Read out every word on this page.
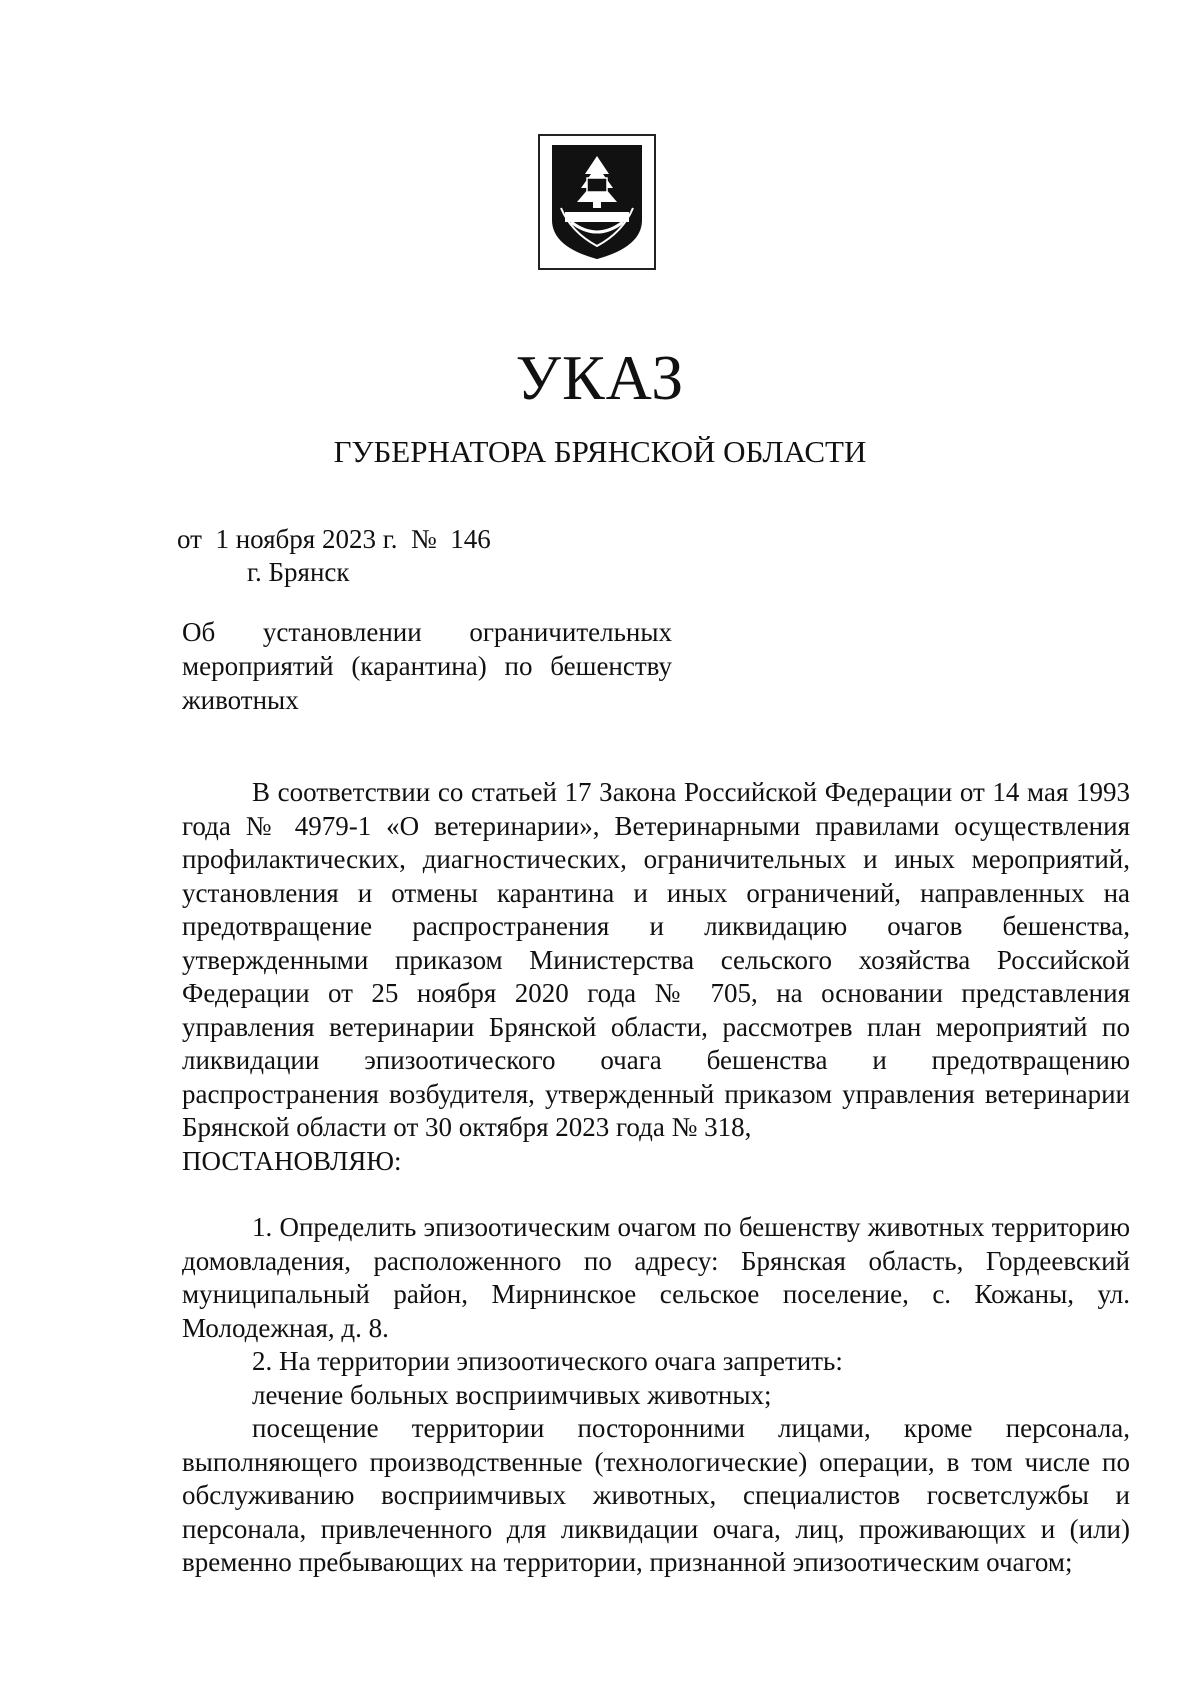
УКАЗ
ГУБЕРНАТОРА БРЯНСКОЙ ОБЛАСТИ
от  1 ноября 2023 г.  №  146
г. Брянск
Об установлении ограничительных мероприятий (карантина) по бешенству животных

В соответствии со статьей 17 Закона Российской Федерации от 14 мая 1993 года № 4979-1 «О ветеринарии», Ветеринарными правилами осуществления профилактических, диагностических, ограничительных и иных мероприятий, установления и отмены карантина и иных ограничений, направленных на предотвращение распространения и ликвидацию очагов бешенства, утвержденными приказом Министерства сельского хозяйства Российской Федерации от 25 ноября 2020 года № 705, на основании представления управления ветеринарии Брянской области, рассмотрев план мероприятий по ликвидации эпизоотического очага бешенства и предотвращению распространения возбудителя, утвержденный приказом управления ветеринарии Брянской области от 30 октября 2023 года № 318,

ПОСТАНОВЛЯЮ:

1. Определить эпизоотическим очагом по бешенству животных территорию домовладения, расположенного по адресу: Брянская область, Гордеевский муниципальный район, Мирнинское сельское поселение, с. Кожаны, ул. Молодежная, д. 8.

2. На территории эпизоотического очага запретить:

лечение больных восприимчивых животных;

посещение территории посторонними лицами, кроме персонала, выполняющего производственные (технологические) операции, в том числе по обслуживанию восприимчивых животных, специалистов госветслужбы и персонала, привлеченного для ликвидации очага, лиц, проживающих и (или) временно пребывающих на территории, признанной эпизоотическим очагом;
